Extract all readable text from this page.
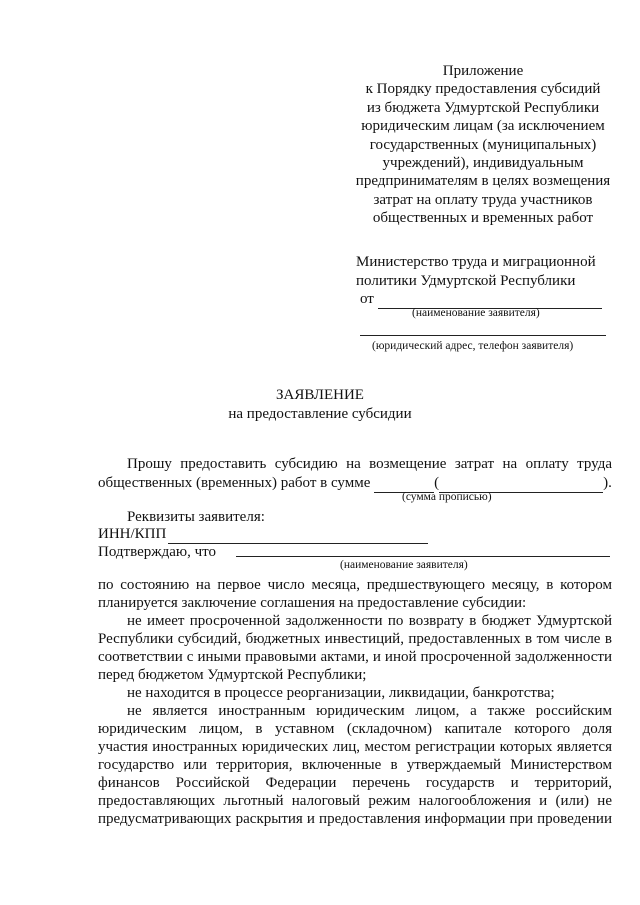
Приложение
к Порядку предоставления субсидий
из бюджета Удмуртской Республики
юридическим лицам (за исключением
государственных (муниципальных)
учреждений), индивидуальным
предпринимателям в целях возмещения
затрат на оплату труда участников
общественных и временных работ
Министерство труда и миграционной
политики Удмуртской Республики
от
(наименование заявителя)
(юридический адрес, телефон заявителя)
ЗАЯВЛЕНИЕ
на предоставление субсидии
Прошу предоставить субсидию на возмещение затрат на оплату труда
общественных (временных) работ в сумме	(	).
(сумма прописью)
Реквизиты заявителя:
ИНН/КПП
Подтверждаю, что
(наименование заявителя)
по состоянию на первое число месяца, предшествующего месяцу, в котором
планируется заключение соглашения на предоставление субсидии:
не имеет просроченной задолженности по возврату в бюджет Удмуртской
Республики субсидий, бюджетных инвестиций, предоставленных в том числе в
соответствии с иными правовыми актами, и иной просроченной задолженности
перед бюджетом Удмуртской Республики;
не находится в процессе реорганизации, ликвидации, банкротства;
не является иностранным юридическим лицом, а также российским
юридическим лицом, в уставном (складочном) капитале которого доля
участия иностранных юридических лиц, местом регистрации которых является
государство или территория, включенные в утверждаемый Министерством
финансов Российской Федерации перечень государств и территорий,
предоставляющих льготный налоговый режим налогообложения и (или) не
предусматривающих раскрытия и предоставления информации при проведении
